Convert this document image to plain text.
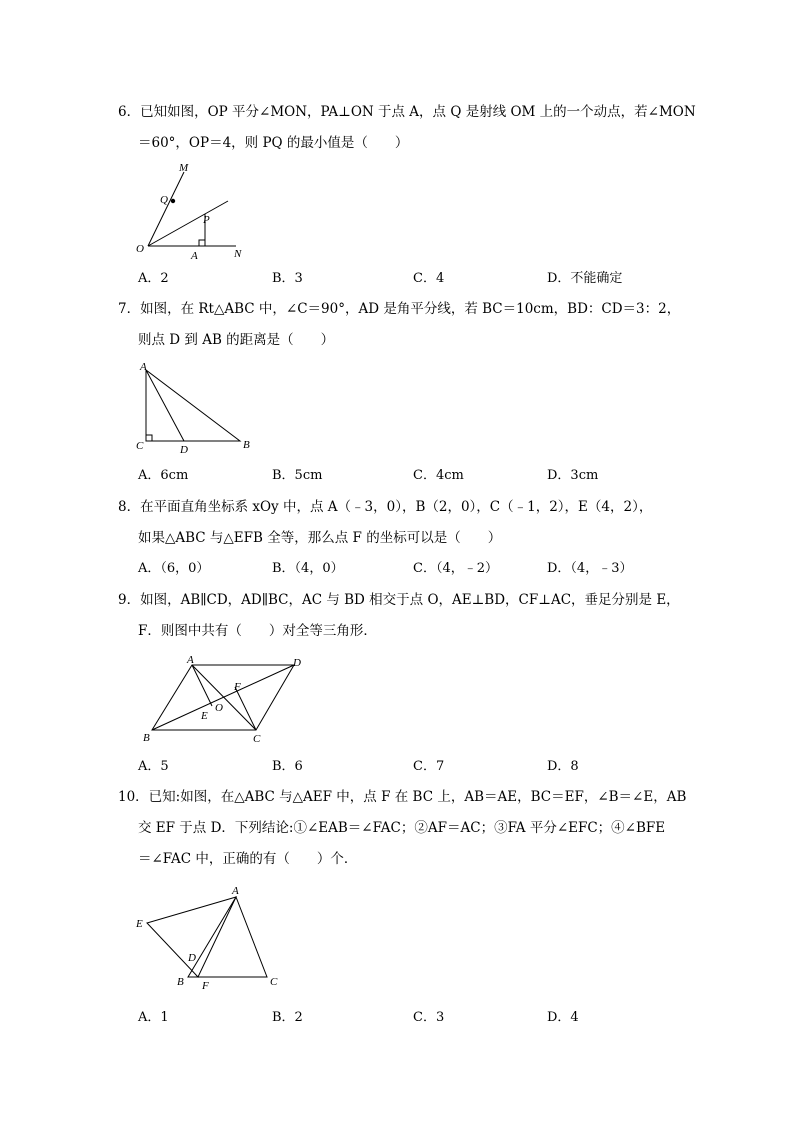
6．已知如图，OP 平分∠MON，PA⊥ON 于点 A，点 Q 是射线 OM 上的一个动点，若∠MON
＝60°，OP＝4，则 PQ 的最小值是（　　）
M
Q
P
O
A	N
A．2	B．3	C．4	D．不能确定
7．如图，在 Rt△ABC 中，∠C＝90°，AD 是角平分线，若 BC＝10cm，BD：CD＝3：2，
则点 D 到 AB 的距离是（　　）
A
C	D	B
A．6cm	B．5cm	C．4cm	D．3cm
8．在平面直角坐标系 xOy 中，点 A（﹣3，0），B（2，0），C（﹣1，2），E（4，2），
如果△ABC 与△EFB 全等，那么点 F 的坐标可以是（　　）
A．（6，0）	B．（4，0）	C．（4，﹣2）	D．（4，﹣3）
9．如图，AB∥CD，AD∥BC，AC 与 BD 相交于点 O，AE⊥BD，CF⊥AC，垂足分别是 E，
F．则图中共有（　　）对全等三角形．
A	D
F
O
E
B	C
A．5	B．6	C．7	D．8
10．已知:如图，在△ABC 与△AEF 中，点 F 在 BC 上，AB＝AE，BC＝EF，∠B＝∠E，AB
交 EF 于点 D．下列结论:①∠EAB＝∠FAC；②AF＝AC；③FA 平分∠EFC；④∠BFE
＝∠FAC 中，正确的有（　　）个．
A
E
D
B F	C
A．1	B．2	C．3	D．4
